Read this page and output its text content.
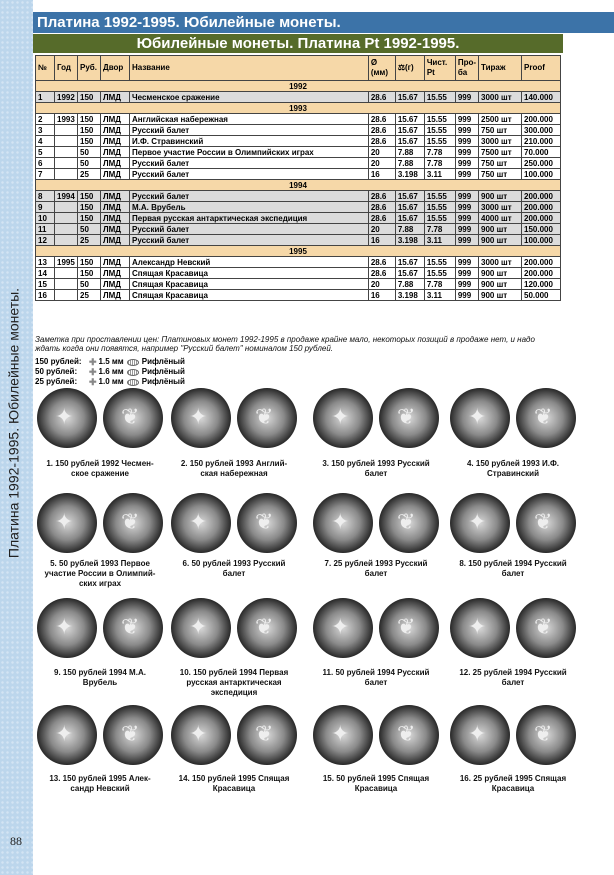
Платина 1992-1995. Юбилейные монеты.
88
Платина 1992-1995. Юбилейные монеты.
Юбилейные монеты. Платина Pt 1992-1995.
№	Год	Руб.	Двор	Название	Ø (мм)	⚖(г)	Чист. Pt	Про-ба	Тираж	Proof
1992										
1	1992	150	ЛМД	Чесменское сражение	28.6	15.67	15.55	999	3000 шт	140.000
1993										
2	1993	150	ЛМД	Английская набережная	28.6	15.67	15.55	999	2500 шт	200.000
3		150	ЛМД	Русский балет	28.6	15.67	15.55	999	750 шт	300.000
4		150	ЛМД	И.Ф. Стравинский	28.6	15.67	15.55	999	3000 шт	210.000
5		50	ЛМД	Первое участие России в Олимпийских играх	20	7.88	7.78	999	7500 шт	70.000
6		50	ЛМД	Русский балет	20	7.88	7.78	999	750 шт	250.000
7		25	ЛМД	Русский балет	16	3.198	3.11	999	750 шт	100.000
1994										
8	1994	150	ЛМД	Русский балет	28.6	15.67	15.55	999	900 шт	200.000
9		150	ЛМД	М.А. Врубель	28.6	15.67	15.55	999	3000 шт	200.000
10		150	ЛМД	Первая русская антарктическая экспедиция	28.6	15.67	15.55	999	4000 шт	200.000
11		50	ЛМД	Русский балет	20	7.88	7.78	999	900 шт	150.000
12		25	ЛМД	Русский балет	16	3.198	3.11	999	900 шт	100.000
1995										
13	1995	150	ЛМД	Александр Невский	28.6	15.67	15.55	999	3000 шт	200.000
14		150	ЛМД	Спящая Красавица	28.6	15.67	15.55	999	900 шт	200.000
15		50	ЛМД	Спящая Красавица	20	7.88	7.78	999	900 шт	120.000
16		25	ЛМД	Спящая Красавица	16	3.198	3.11	999	900 шт	50.000
Заметка при проставлении цен: Платиновых монет 1992-1995 в продаже крайне мало, некоторых позиций в продаже нет, и надо ждать когда они появятся, например "Русский балет" номиналом 150 рублей.
150 рублей: ✚ 1.5 мм Рифлёный
50 рублей:	✚ 1.6 мм Рифлёный
25 рублей:	✚ 1.0 мм Рифлёный
✦ ❦
1. 150 рублей 1992 Чесмен-
ское сражение
✦ ❦
2. 150 рублей 1993 Англий-
ская набережная
✦ ❦
3. 150 рублей 1993 Русский
балет
✦ ❦
4. 150 рублей 1993 И.Ф.
Стравинский
✦ ❦
5. 50 рублей 1993 Первое
участие России в Олимпий-
ских играх
✦ ❦
6. 50 рублей 1993 Русский
балет
✦ ❦
7. 25 рублей 1993 Русский
балет
✦ ❦
8. 150 рублей 1994 Русский
балет
✦ ❦
9. 150 рублей 1994 М.А.
Врубель
✦ ❦
10. 150 рублей 1994 Первая
русская антарктическая
экспедиция
✦ ❦
11. 50 рублей 1994 Русский
балет
✦ ❦
12. 25 рублей 1994 Русский
балет
✦ ❦
13. 150 рублей 1995 Алек-
сандр Невский
✦ ❦
14. 150 рублей 1995 Спящая
Красавица
✦ ❦
15. 50 рублей 1995 Спящая
Красавица
✦ ❦
16. 25 рублей 1995 Спящая
Красавица
